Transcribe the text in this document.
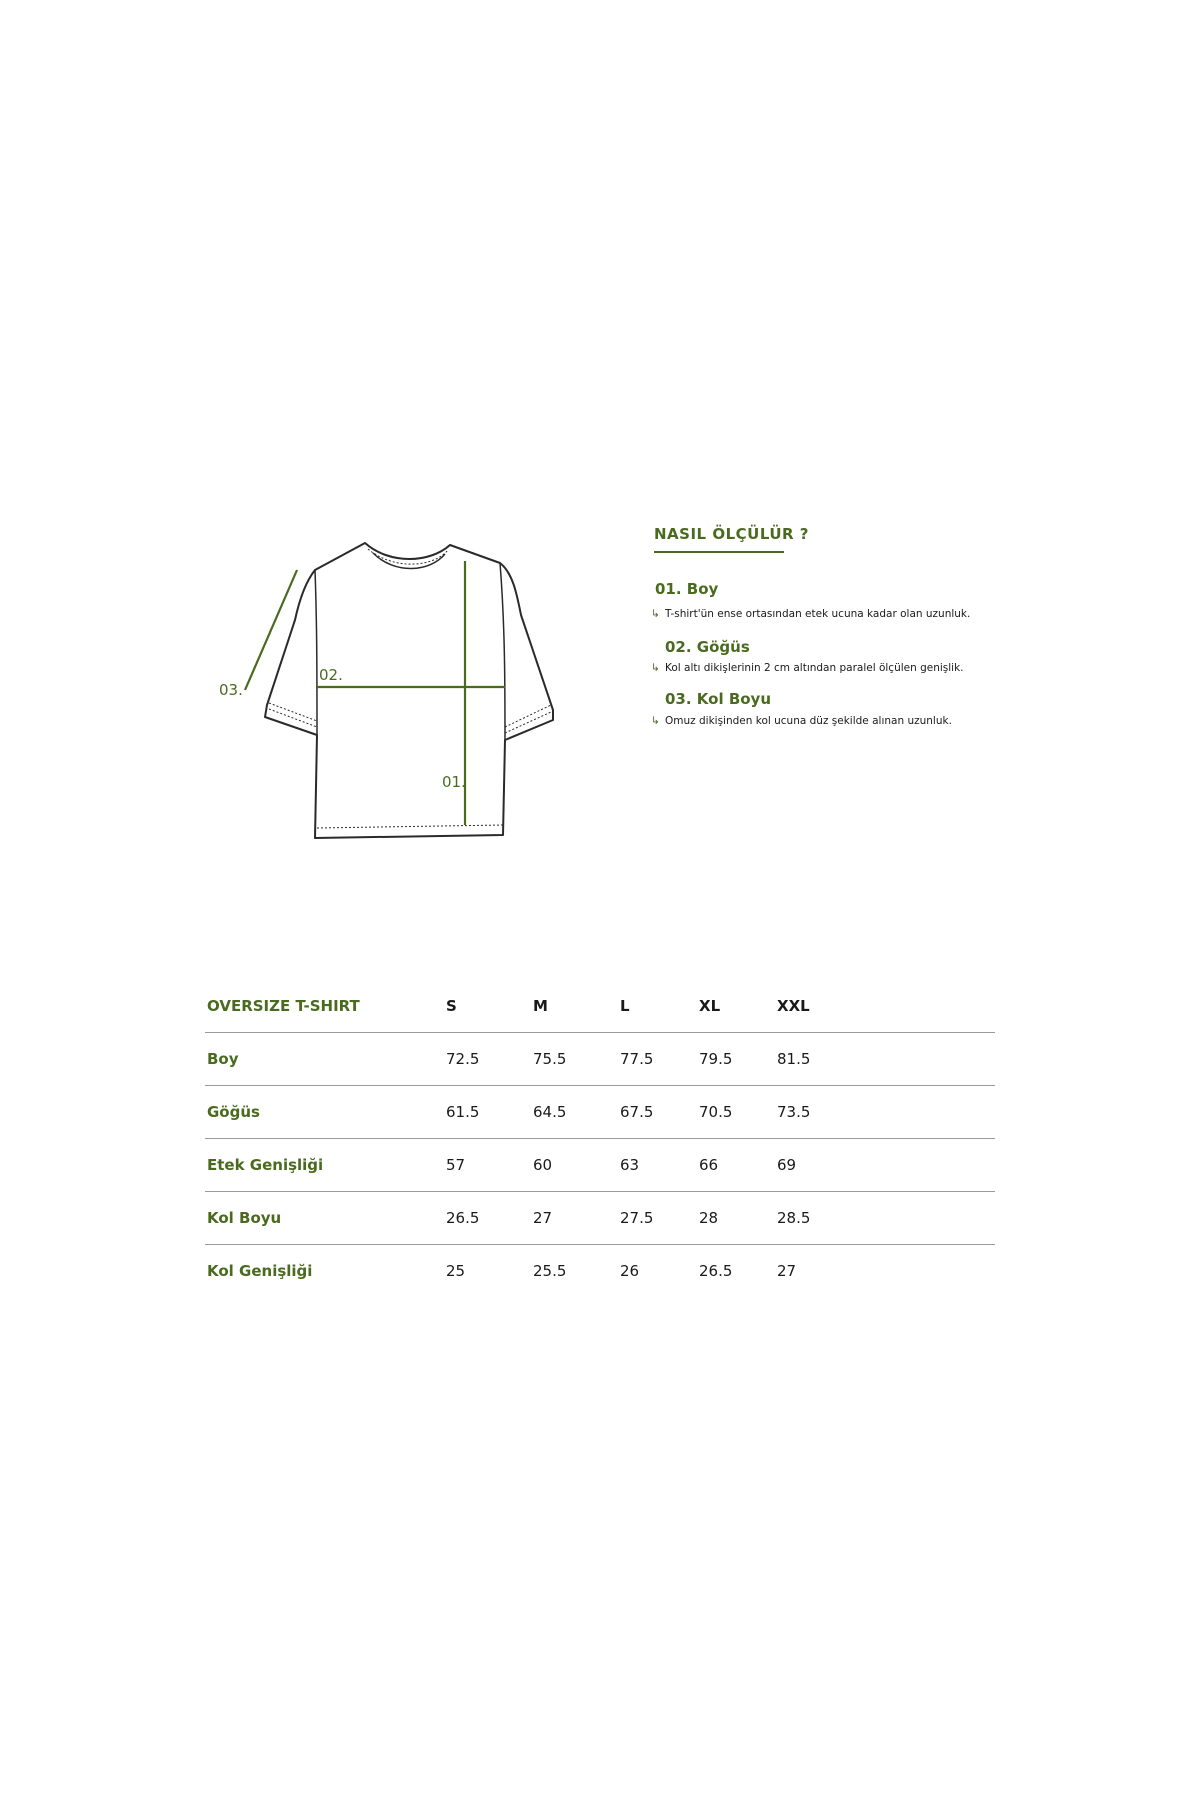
01.
02.
03.
NASIL ÖLÇÜLÜR ?
01. Boy
↳ T-shirt'ün ense ortasından etek ucuna kadar olan uzunluk.
02. Göğüs
↳ Kol altı dikişlerinin 2 cm altından paralel ölçülen genişlik.
03. Kol Boyu
↳ Omuz dikişinden kol ucuna düz şekilde alınan uzunluk.
OVERSIZE T-SHIRT	S	M	L	XL	XXL
Boy	72.5	75.5	77.5	79.5	81.5
Göğüs	61.5	64.5	67.5	70.5	73.5
Etek Genişliği	57	60	63	66	69
Kol Boyu	26.5	27	27.5	28	28.5
Kol Genişliği	25	25.5	26	26.5	27
